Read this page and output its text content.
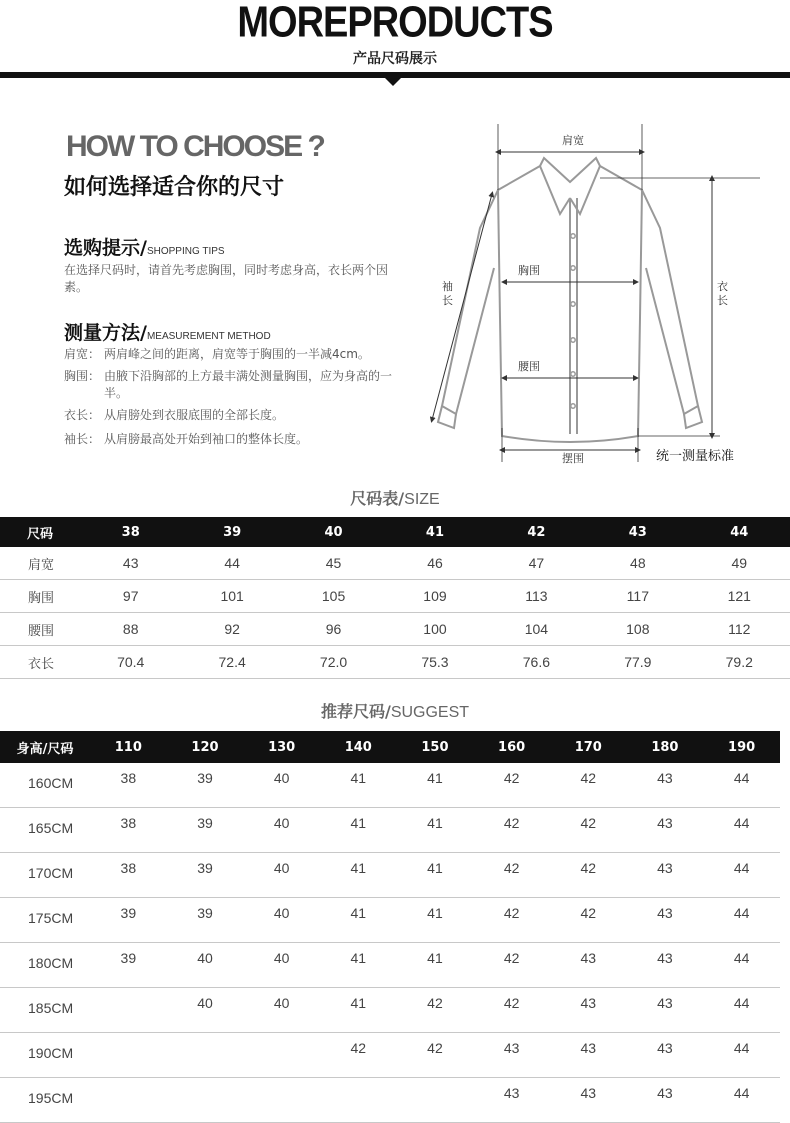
MOREPRODUCTS
产品尺码展示
HOW TO CHOOSE ?
如何选择适合你的尺寸
选购提示/SHOPPING TIPS
在选择尺码时，请首先考虑胸围，同时考虑身高，衣长两个因素。
测量方法/MEASUREMENT METHOD
肩宽： 两肩峰之间的距离，肩宽等于胸围的一半减4cm。
胸围： 由腋下沿胸部的上方最丰满处测量胸围，应为身高的一半。
衣长： 从肩膀处到衣服底围的全部长度。
袖长： 从肩膀最高处开始到袖口的整体长度。
肩宽
胸围
腰围
摆围
衣
长
袖
长
统一测量标准
尺码表/SIZE
尺码	38	39	40	41	42	43	44
肩宽	43	44	45	46	47	48	49
胸围	97	101	105	109	113	117	121
腰围	88	92	96	100	104	108	112
衣长	70.4	72.4	72.0	75.3	76.6	77.9	79.2
推荐尺码/SUGGEST
身高/尺码	110	120	130	140	150	160	170	180	190
160CM	38	39	40	41	41	42	42	43	44
165CM	38	39	40	41	41	42	42	43	44
170CM	38	39	40	41	41	42	42	43	44
175CM	39	39	40	41	41	42	42	43	44
180CM	39	40	40	41	41	42	43	43	44
185CM		40	40	41	42	42	43	43	44
190CM				42	42	43	43	43	44
195CM						43	43	43	44
